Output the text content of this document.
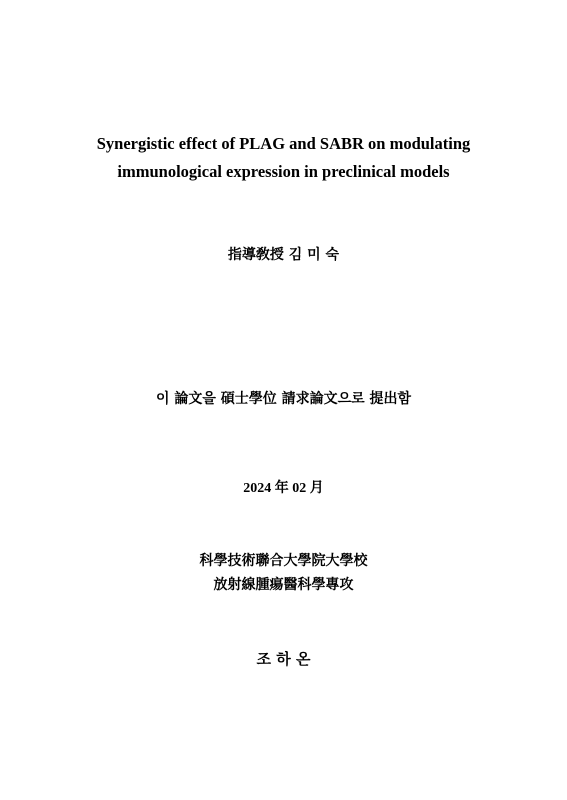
Synergistic effect of PLAG and SABR on modulating
immunological expression in preclinical models
指導敎授 김 미 숙
이 論文을 碩士學位 請求論文으로 提出함
2024 年 02 月
科學技術聯合大學院大學校
放射線腫瘍醫科學專攻
조 하 온
